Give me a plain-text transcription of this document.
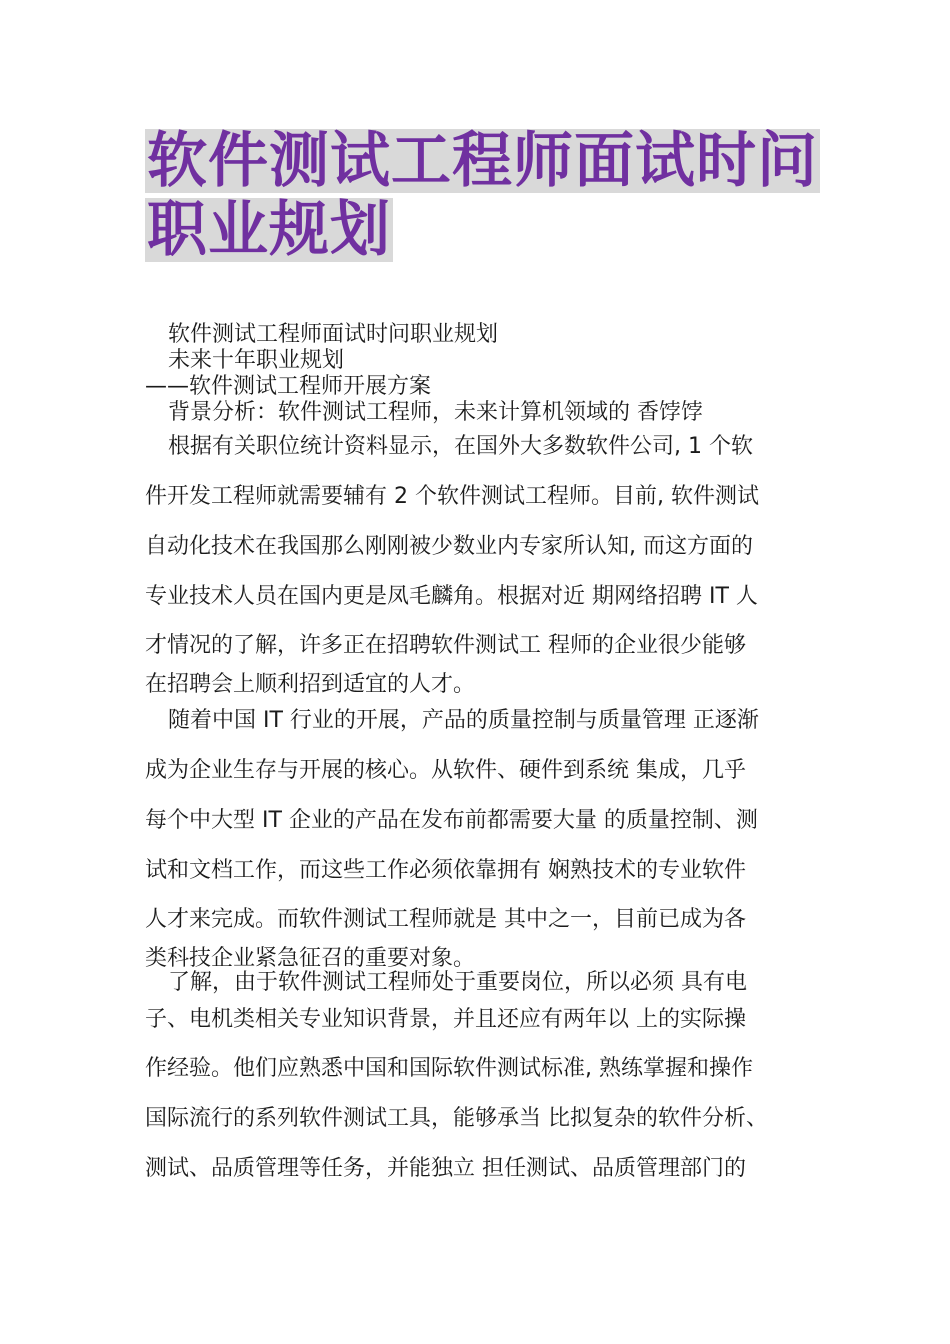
软件测试工程师面试时问
职业规划
软件测试工程师面试时问职业规划
未来十年职业规划
——软件测试工程师开展方案
背景分析：软件测试工程师，未来计算机领域的 香饽饽
根据有关职位统计资料显示，在国外大多数软件公司, 1 个软
件开发工程师就需要辅有 2 个软件测试工程师。目前, 软件测试
自动化技术在我国那么刚刚被少数业内专家所认知, 而这方面的
专业技术人员在国内更是凤毛麟角。根据对近 期网络招聘 IT 人
才情况的了解，许多正在招聘软件测试工 程师的企业很少能够
在招聘会上顺利招到适宜的人才。
随着中国 IT 行业的开展，产品的质量控制与质量管理 正逐渐
成为企业生存与开展的核心。从软件、硬件到系统 集成，几乎
每个中大型 IT 企业的产品在发布前都需要大量 的质量控制、测
试和文档工作，而这些工作必须依靠拥有 娴熟技术的专业软件
人才来完成。而软件测试工程师就是 其中之一，目前已成为各
类科技企业紧急征召的重要对象。
了解，由于软件测试工程师处于重要岗位，所以必须 具有电
子、电机类相关专业知识背景，并且还应有两年以 上的实际操
作经验。他们应熟悉中国和国际软件测试标准, 熟练掌握和操作
国际流行的系列软件测试工具，能够承当 比拟复杂的软件分析、
测试、品质管理等任务，并能独立 担任测试、品质管理部门的
